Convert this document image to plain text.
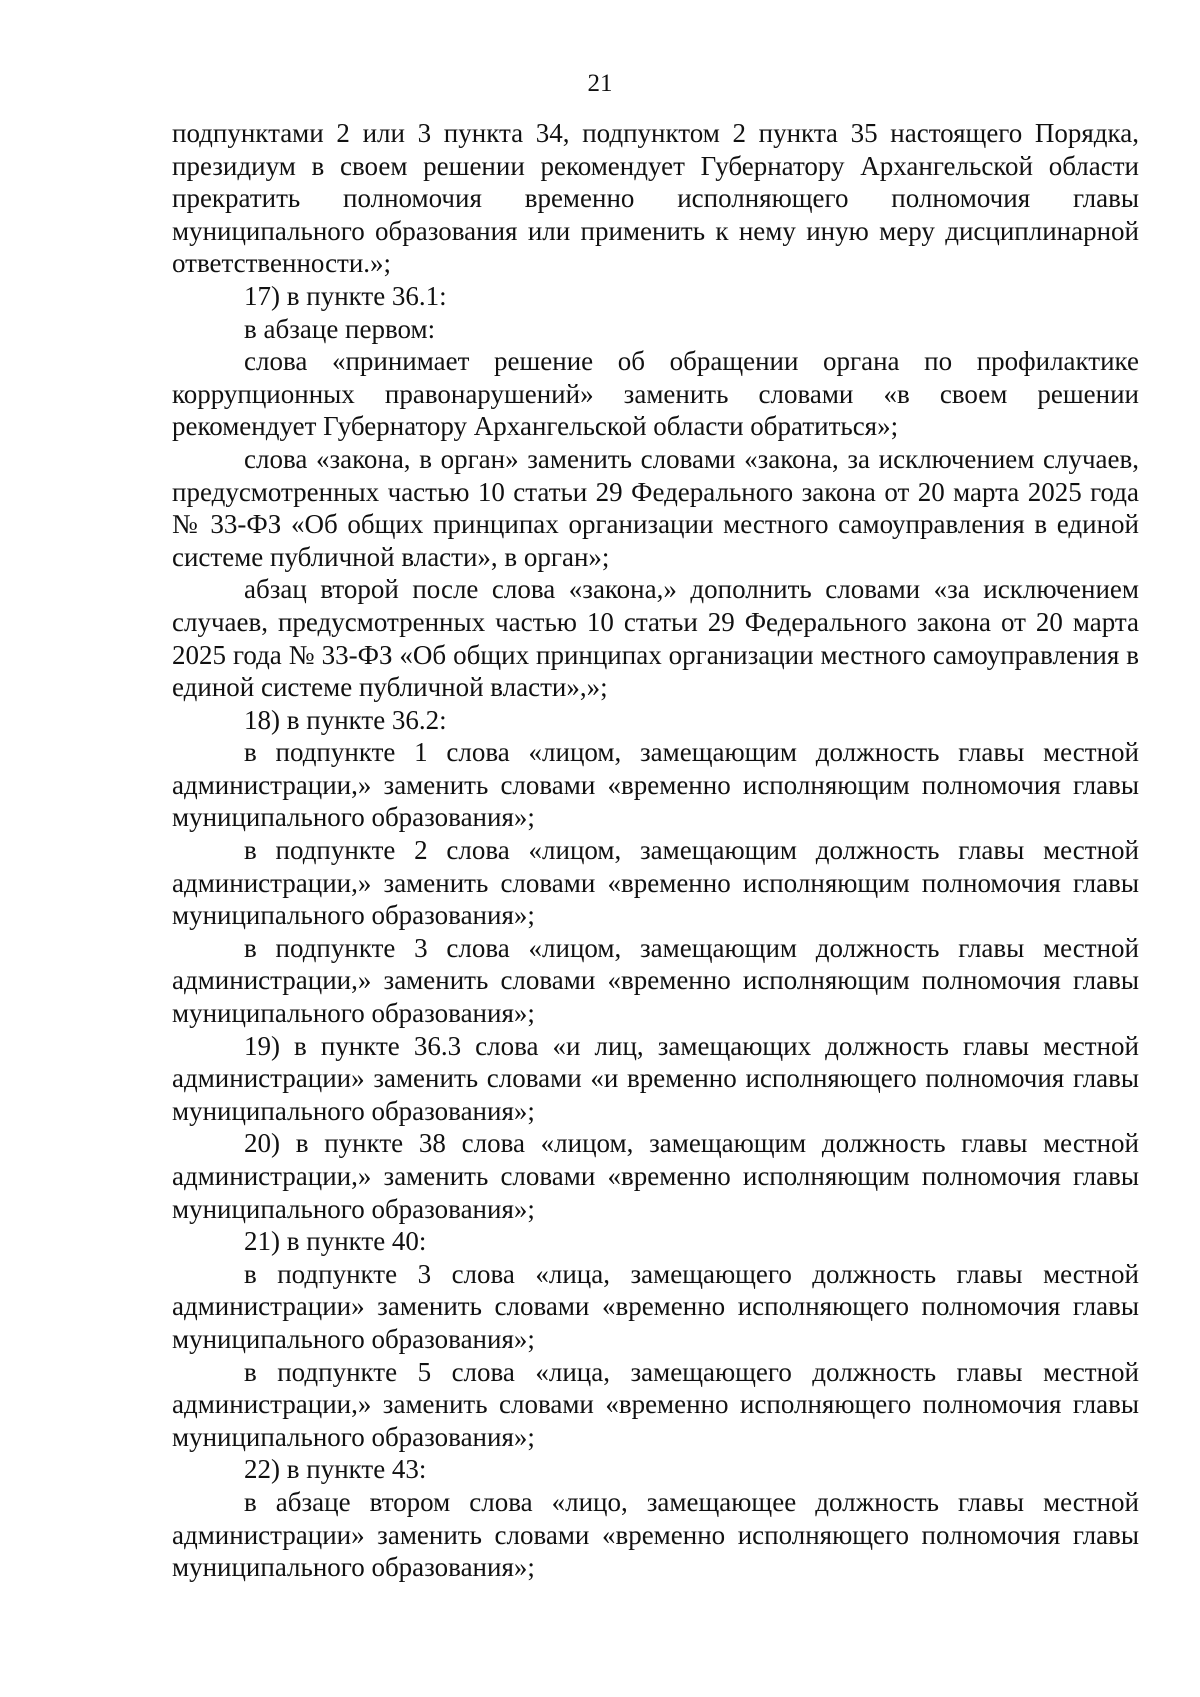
21

подпунктами 2 или 3 пункта 34, подпунктом 2 пункта 35 настоящего Порядка, президиум в своем решении рекомендует Губернатору Архангельской области прекратить полномочия временно исполняющего полномочия главы муниципального образования или применить к нему иную меру дисциплинарной ответственности.»;

17) в пункте 36.1:

в абзаце первом:

слова «принимает решение об обращении органа по профилактике коррупционных правонарушений» заменить словами «в своем решении рекомендует Губернатору Архангельской области обратиться»;

слова «закона, в орган» заменить словами «закона, за исключением случаев, предусмотренных частью 10 статьи 29 Федерального закона от 20 марта 2025 года № 33-ФЗ «Об общих принципах организации местного самоуправления в единой системе публичной власти», в орган»;

абзац второй после слова «закона,» дополнить словами «за исключением случаев, предусмотренных частью 10 статьи 29 Федерального закона от 20 марта 2025 года № 33-ФЗ «Об общих принципах организации местного самоуправления в единой системе публичной власти»,»;

18) в пункте 36.2:

в подпункте 1 слова «лицом, замещающим должность главы местной администрации,» заменить словами «временно исполняющим полномочия главы муниципального образования»;

в подпункте 2 слова «лицом, замещающим должность главы местной администрации,» заменить словами «временно исполняющим полномочия главы муниципального образования»;

в подпункте 3 слова «лицом, замещающим должность главы местной администрации,» заменить словами «временно исполняющим полномочия главы муниципального образования»;

19) в пункте 36.3 слова «и лиц, замещающих должность главы местной администрации» заменить словами «и временно исполняющего полномочия главы муниципального образования»;

20) в пункте 38 слова «лицом, замещающим должность главы местной администрации,» заменить словами «временно исполняющим полномочия главы муниципального образования»;

21) в пункте 40:

в подпункте 3 слова «лица, замещающего должность главы местной администрации» заменить словами «временно исполняющего полномочия главы муниципального образования»;

в подпункте 5 слова «лица, замещающего должность главы местной администрации,» заменить словами «временно исполняющего полномочия главы муниципального образования»;

22) в пункте 43:

в абзаце втором слова «лицо, замещающее должность главы местной администрации» заменить словами «временно исполняющего полномочия главы муниципального образования»;
